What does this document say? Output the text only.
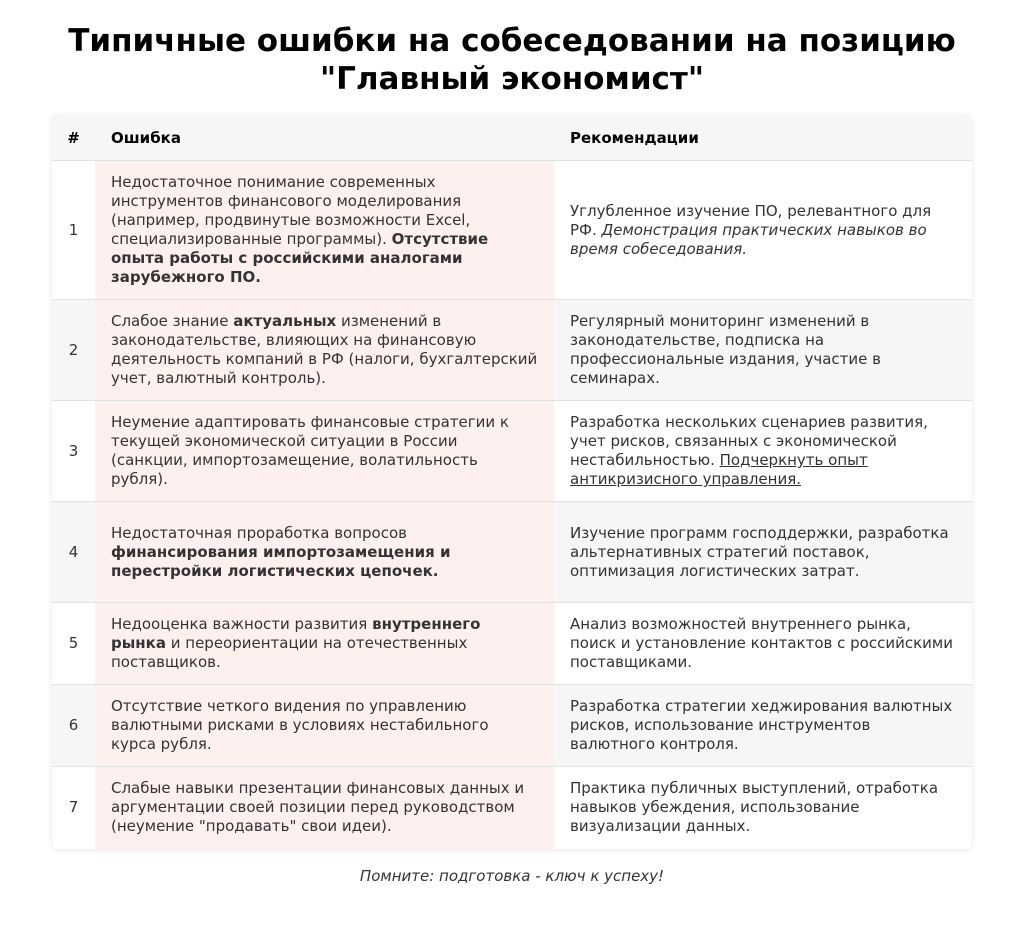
Типичные ошибки на собеседовании на позицию
"Главный экономист"
#	Ошибка	Рекомендации
1	Недостаточное понимание современных инструментов финансового моделирования (например, продвинутые возможности Excel, специализированные программы). Отсутствие опыта работы с российскими аналогами зарубежного ПО.	Углубленное изучение ПО, релевантного для РФ. Демонстрация практических навыков во время собеседования.
2	Слабое знание актуальных изменений в законодательстве, влияющих на финансовую деятельность компаний в РФ (налоги, бухгалтерский учет, валютный контроль).	Регулярный мониторинг изменений в законодательстве, подписка на профессиональные издания, участие в семинарах.
3	Неумение адаптировать финансовые стратегии к текущей экономической ситуации в России (санкции, импортозамещение, волатильность рубля).	Разработка нескольких сценариев развития, учет рисков, связанных с экономической нестабильностью. Подчеркнуть опыт антикризисного управления.
4	Недостаточная проработка вопросов финансирования импортозамещения и перестройки логистических цепочек.	Изучение программ господдержки, разработка альтернативных стратегий поставок, оптимизация логистических затрат.
5	Недооценка важности развития внутреннего рынка и переориентации на отечественных поставщиков.	Анализ возможностей внутреннего рынка, поиск и установление контактов с российскими поставщиками.
6	Отсутствие четкого видения по управлению валютными рисками в условиях нестабильного курса рубля.	Разработка стратегии хеджирования валютных рисков, использование инструментов валютного контроля.
7	Слабые навыки презентации финансовых данных и аргументации своей позиции перед руководством (неумение "продавать" свои идеи).	Практика публичных выступлений, отработка навыков убеждения, использование визуализации данных.
Помните: подготовка - ключ к успеху!
